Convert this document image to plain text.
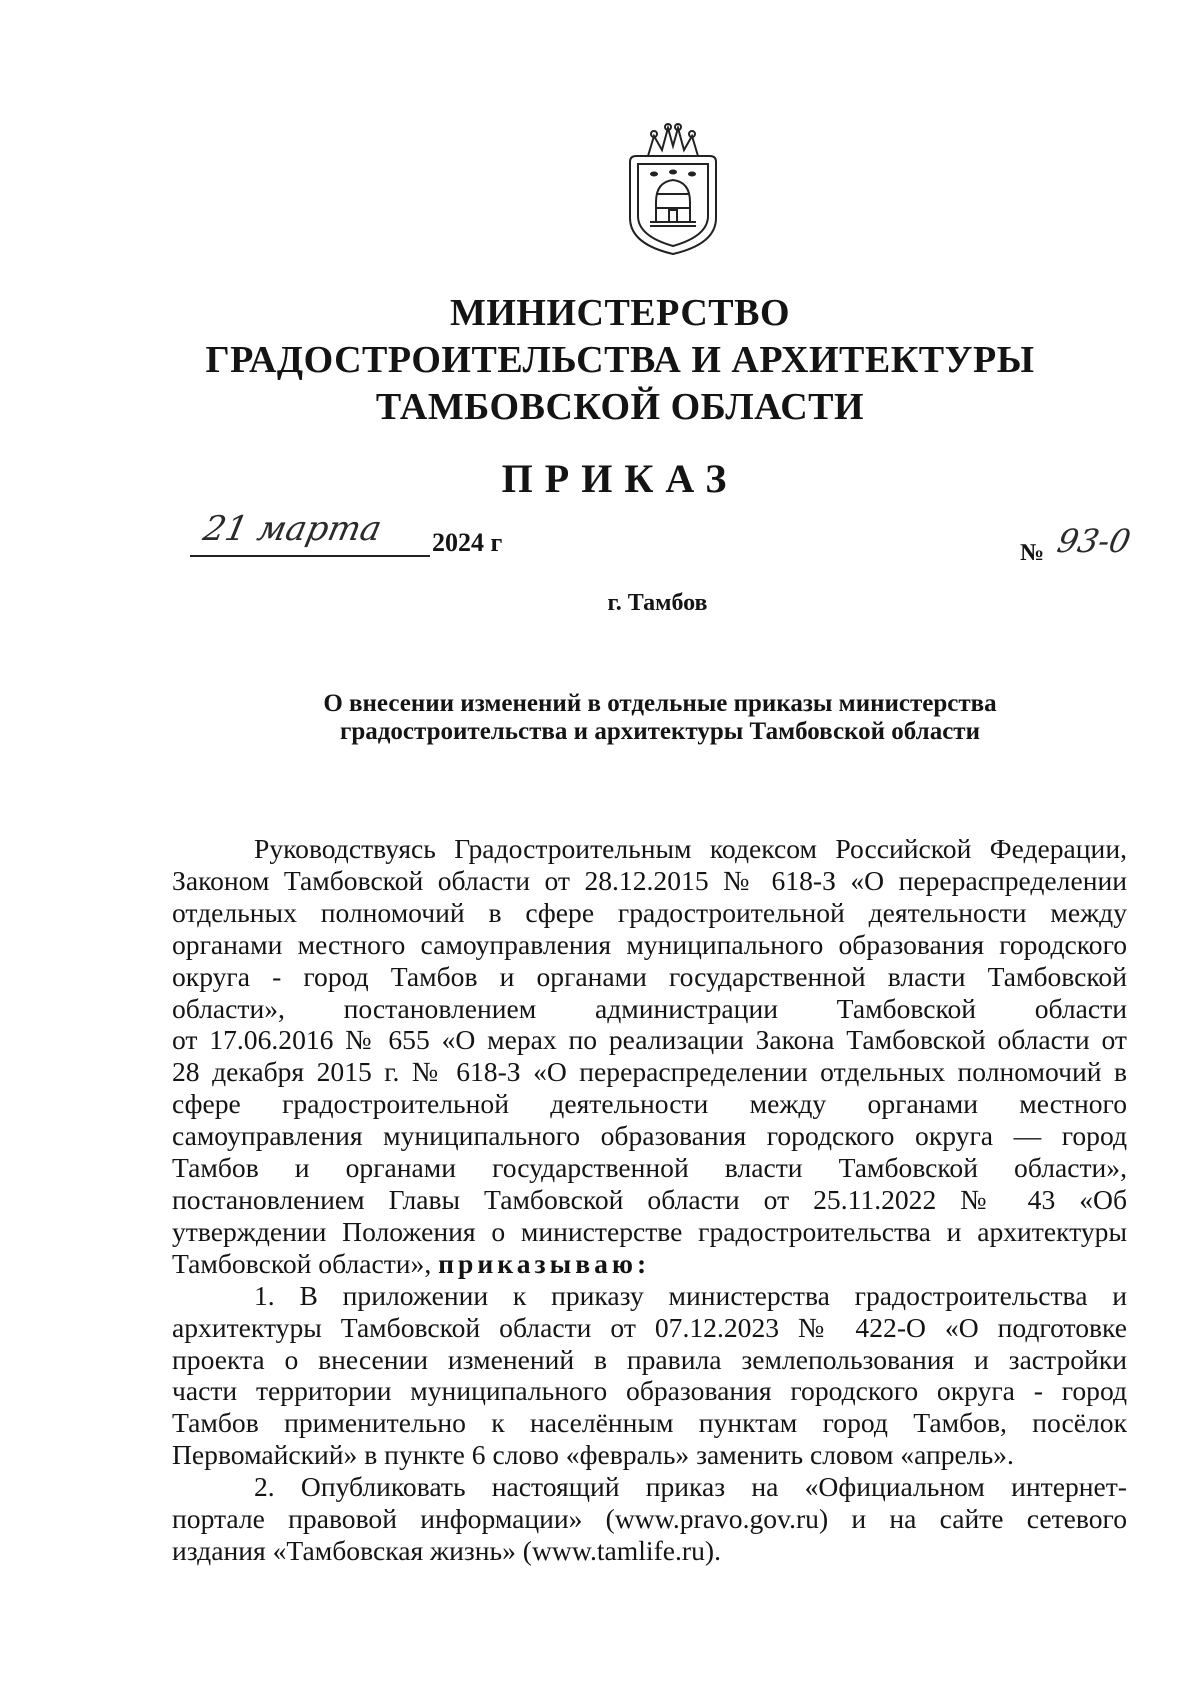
МИНИСТЕРСТВО
ГРАДОСТРОИТЕЛЬСТВА И АРХИТЕКТУРЫ
ТАМБОВСКОЙ ОБЛАСТИ
ПРИКАЗ
21 марта 2024 г	№ 93-0
г. Тамбов
О внесении изменений в отдельные приказы министерства
градостроительства и архитектуры Тамбовской области
Руководствуясь Градостроительным кодексом Российской Федерации,
Законом Тамбовской области от 28.12.2015 № 618-З «О перераспределении
отдельных полномочий в сфере градостроительной деятельности между
органами местного самоуправления муниципального образования городского
округа - город Тамбов и органами государственной власти Тамбовской
области», постановлением администрации Тамбовской области
от 17.06.2016 № 655 «О мерах по реализации Закона Тамбовской области от
28 декабря 2015 г. № 618-З «О перераспределении отдельных полномочий в
сфере градостроительной деятельности между органами местного
самоуправления муниципального образования городского округа — город
Тамбов и органами государственной власти Тамбовской области»,
постановлением Главы Тамбовской области от 25.11.2022 № 43 «Об
утверждении Положения о министерстве градостроительства и архитектуры
Тамбовской области», приказываю:
1. В приложении к приказу министерства градостроительства и
архитектуры Тамбовской области от 07.12.2023 № 422-О «О подготовке
проекта о внесении изменений в правила землепользования и застройки
части территории муниципального образования городского округа - город
Тамбов применительно к населённым пунктам город Тамбов, посёлок
Первомайский» в пункте 6 слово «февраль» заменить словом «апрель».
2. Опубликовать настоящий приказ на «Официальном интернет-
портале правовой информации» (www.pravo.gov.ru) и на сайте сетевого
издания «Тамбовская жизнь» (www.tamlife.ru).
